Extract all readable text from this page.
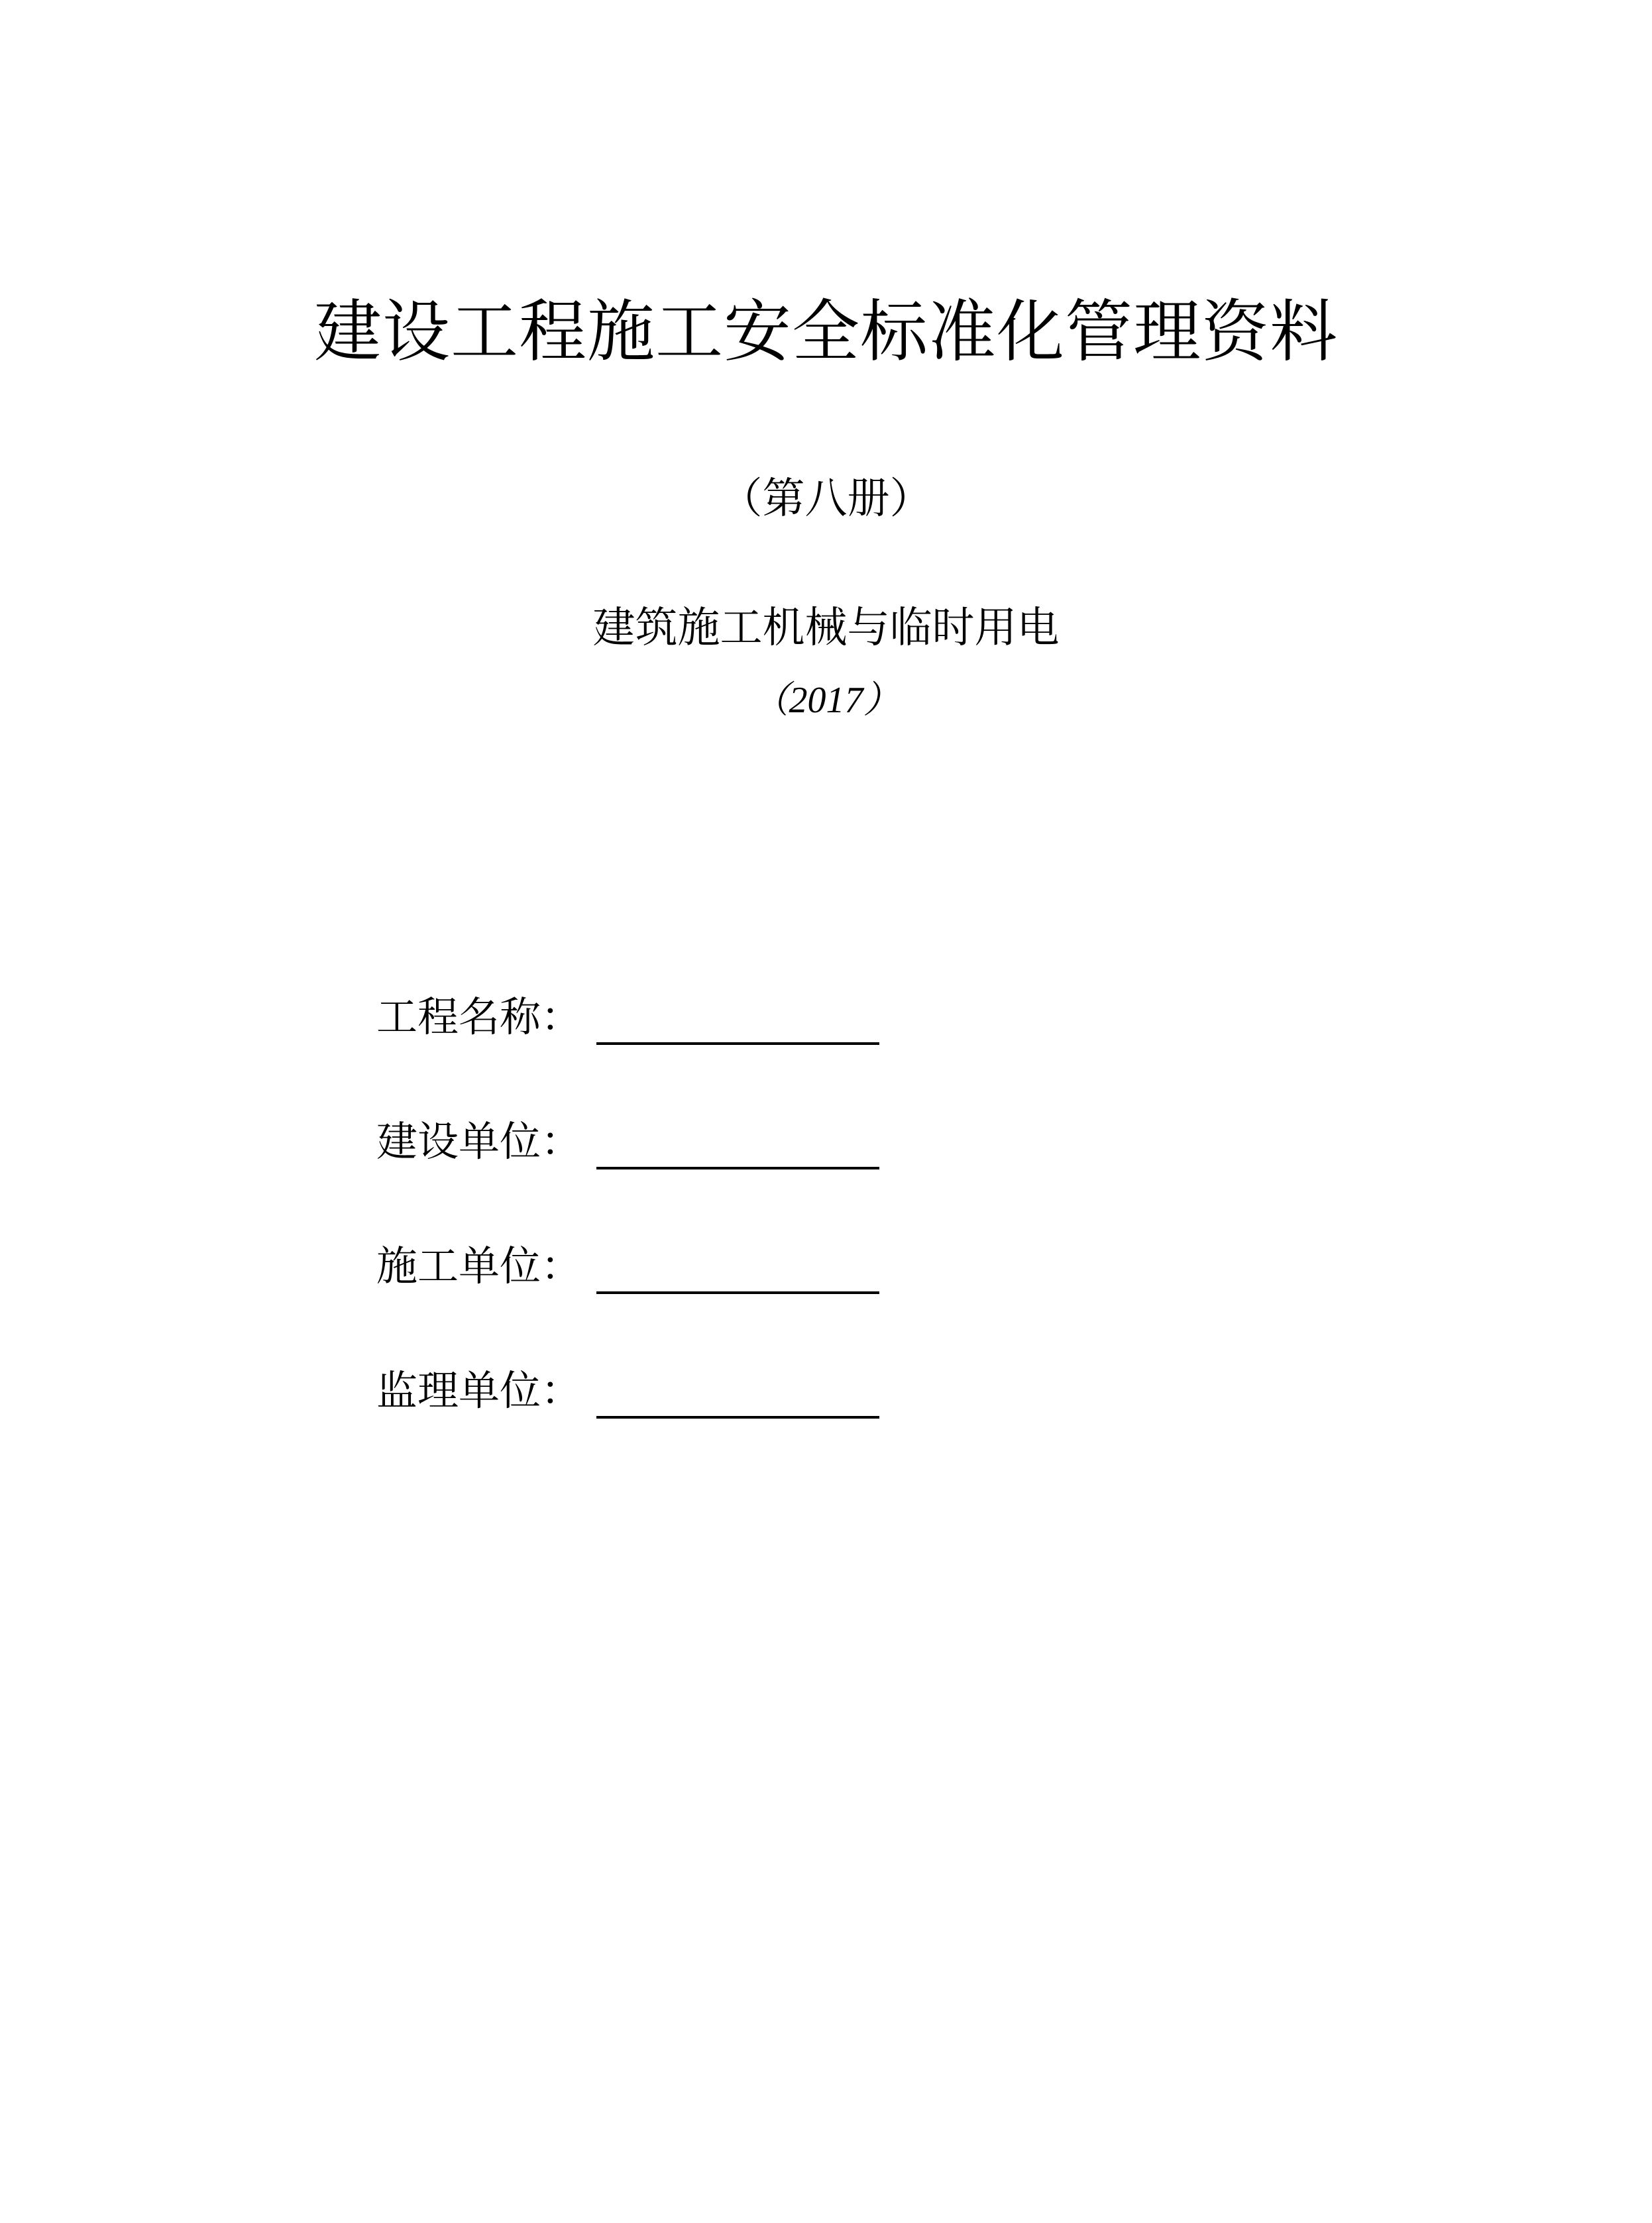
建设工程施工安全标准化管理资料
（第八册）
建筑施工机械与临时用电
（2017）
工程名称：
建设单位：
施工单位：
监理单位：
